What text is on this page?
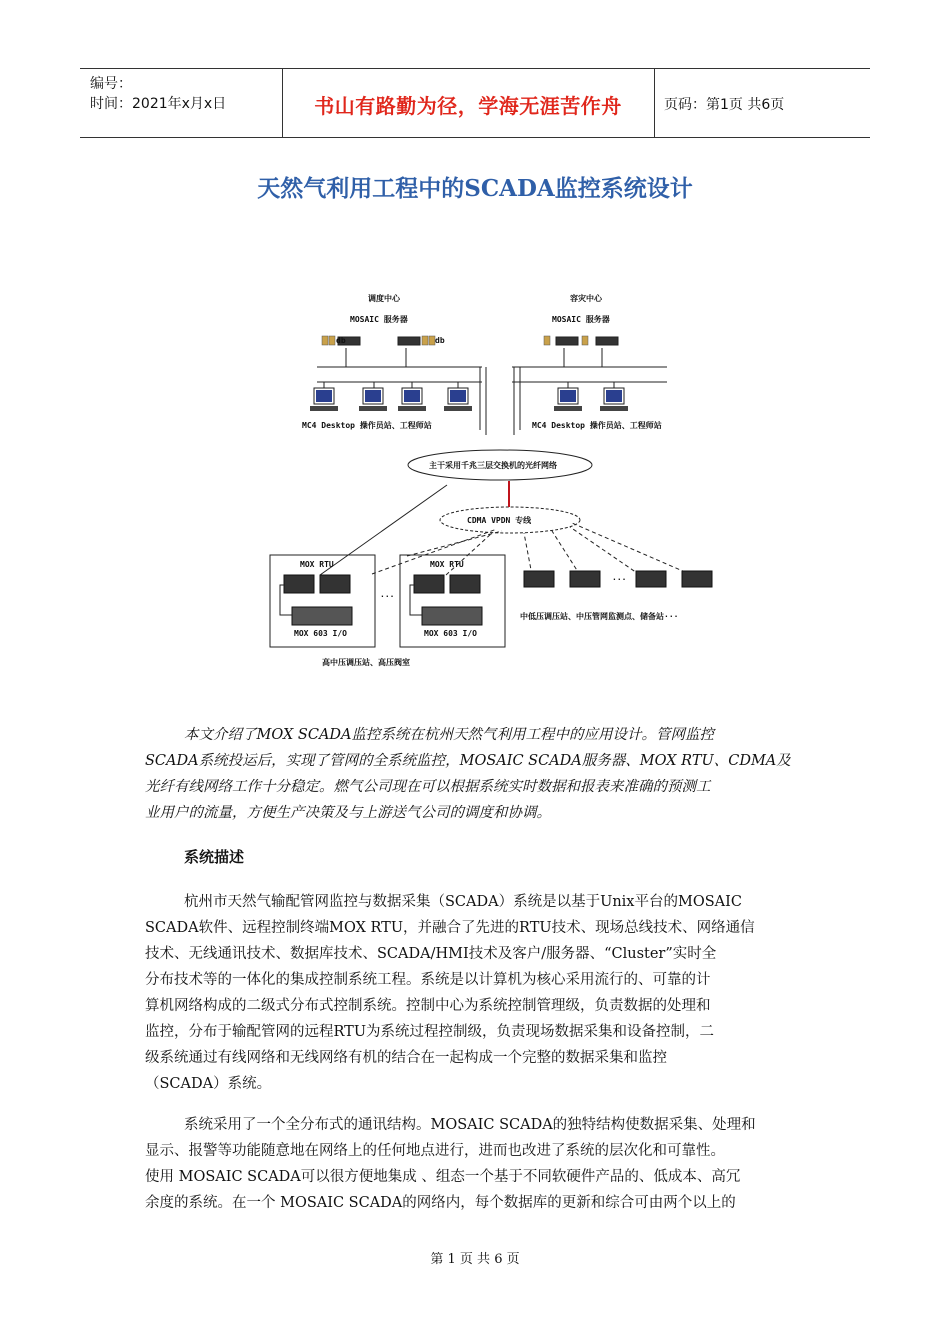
编号：
时间：2021年x月x日	书山有路勤为径，学海无涯苦作舟	页码：第1页 共6页
天然气利用工程中的SCADA监控系统设计
调度中心	容灾中心
MOSAIC 服务器	MOSAIC 服务器
db	db
MC4 Desktop 操作员站、工程师站	MC4 Desktop 操作员站、工程师站
主干采用千兆三层交换机的光纤网络
CDMA VPDN 专线
MOX RTU	MOX RTU
MOX 603 I/O	MOX 603 I/O
···
···
高中压调压站、高压阀室
中低压调压站、中压管网监测点、储备站···
本文介绍了MOX SCADA监控系统在杭州天然气利用工程中的应用设计。管网监控
SCADA系统投运后，实现了管网的全系统监控，MOSAIC SCADA服务器、MOX RTU、CDMA及
光纤有线网络工作十分稳定。燃气公司现在可以根据系统实时数据和报表来准确的预测工
业用户的流量，方便生产决策及与上游送气公司的调度和协调。
系统描述
杭州市天然气输配管网监控与数据采集（SCADA）系统是以基于Unix平台的MOSAIC
SCADA软件、远程控制终端MOX RTU，并融合了先进的RTU技术、现场总线技术、网络通信
技术、无线通讯技术、数据库技术、SCADA/HMI技术及客户/服务器、“Cluster”实时全
分布技术等的一体化的集成控制系统工程。系统是以计算机为核心采用流行的、可靠的计
算机网络构成的二级式分布式控制系统。控制中心为系统控制管理级，负责数据的处理和
监控，分布于输配管网的远程RTU为系统过程控制级，负责现场数据采集和设备控制，二
级系统通过有线网络和无线网络有机的结合在一起构成一个完整的数据采集和监控
（SCADA）系统。
系统采用了一个全分布式的通讯结构。MOSAIC SCADA的独特结构使数据采集、处理和
显示、报警等功能随意地在网络上的任何地点进行，进而也改进了系统的层次化和可靠性。
使用 MOSAIC SCADA可以很方便地集成 、组态一个基于不同软硬件产品的、低成本、高冗
余度的系统。在一个 MOSAIC SCADA的网络内，每个数据库的更新和综合可由两个以上的
第 1 页 共 6 页
